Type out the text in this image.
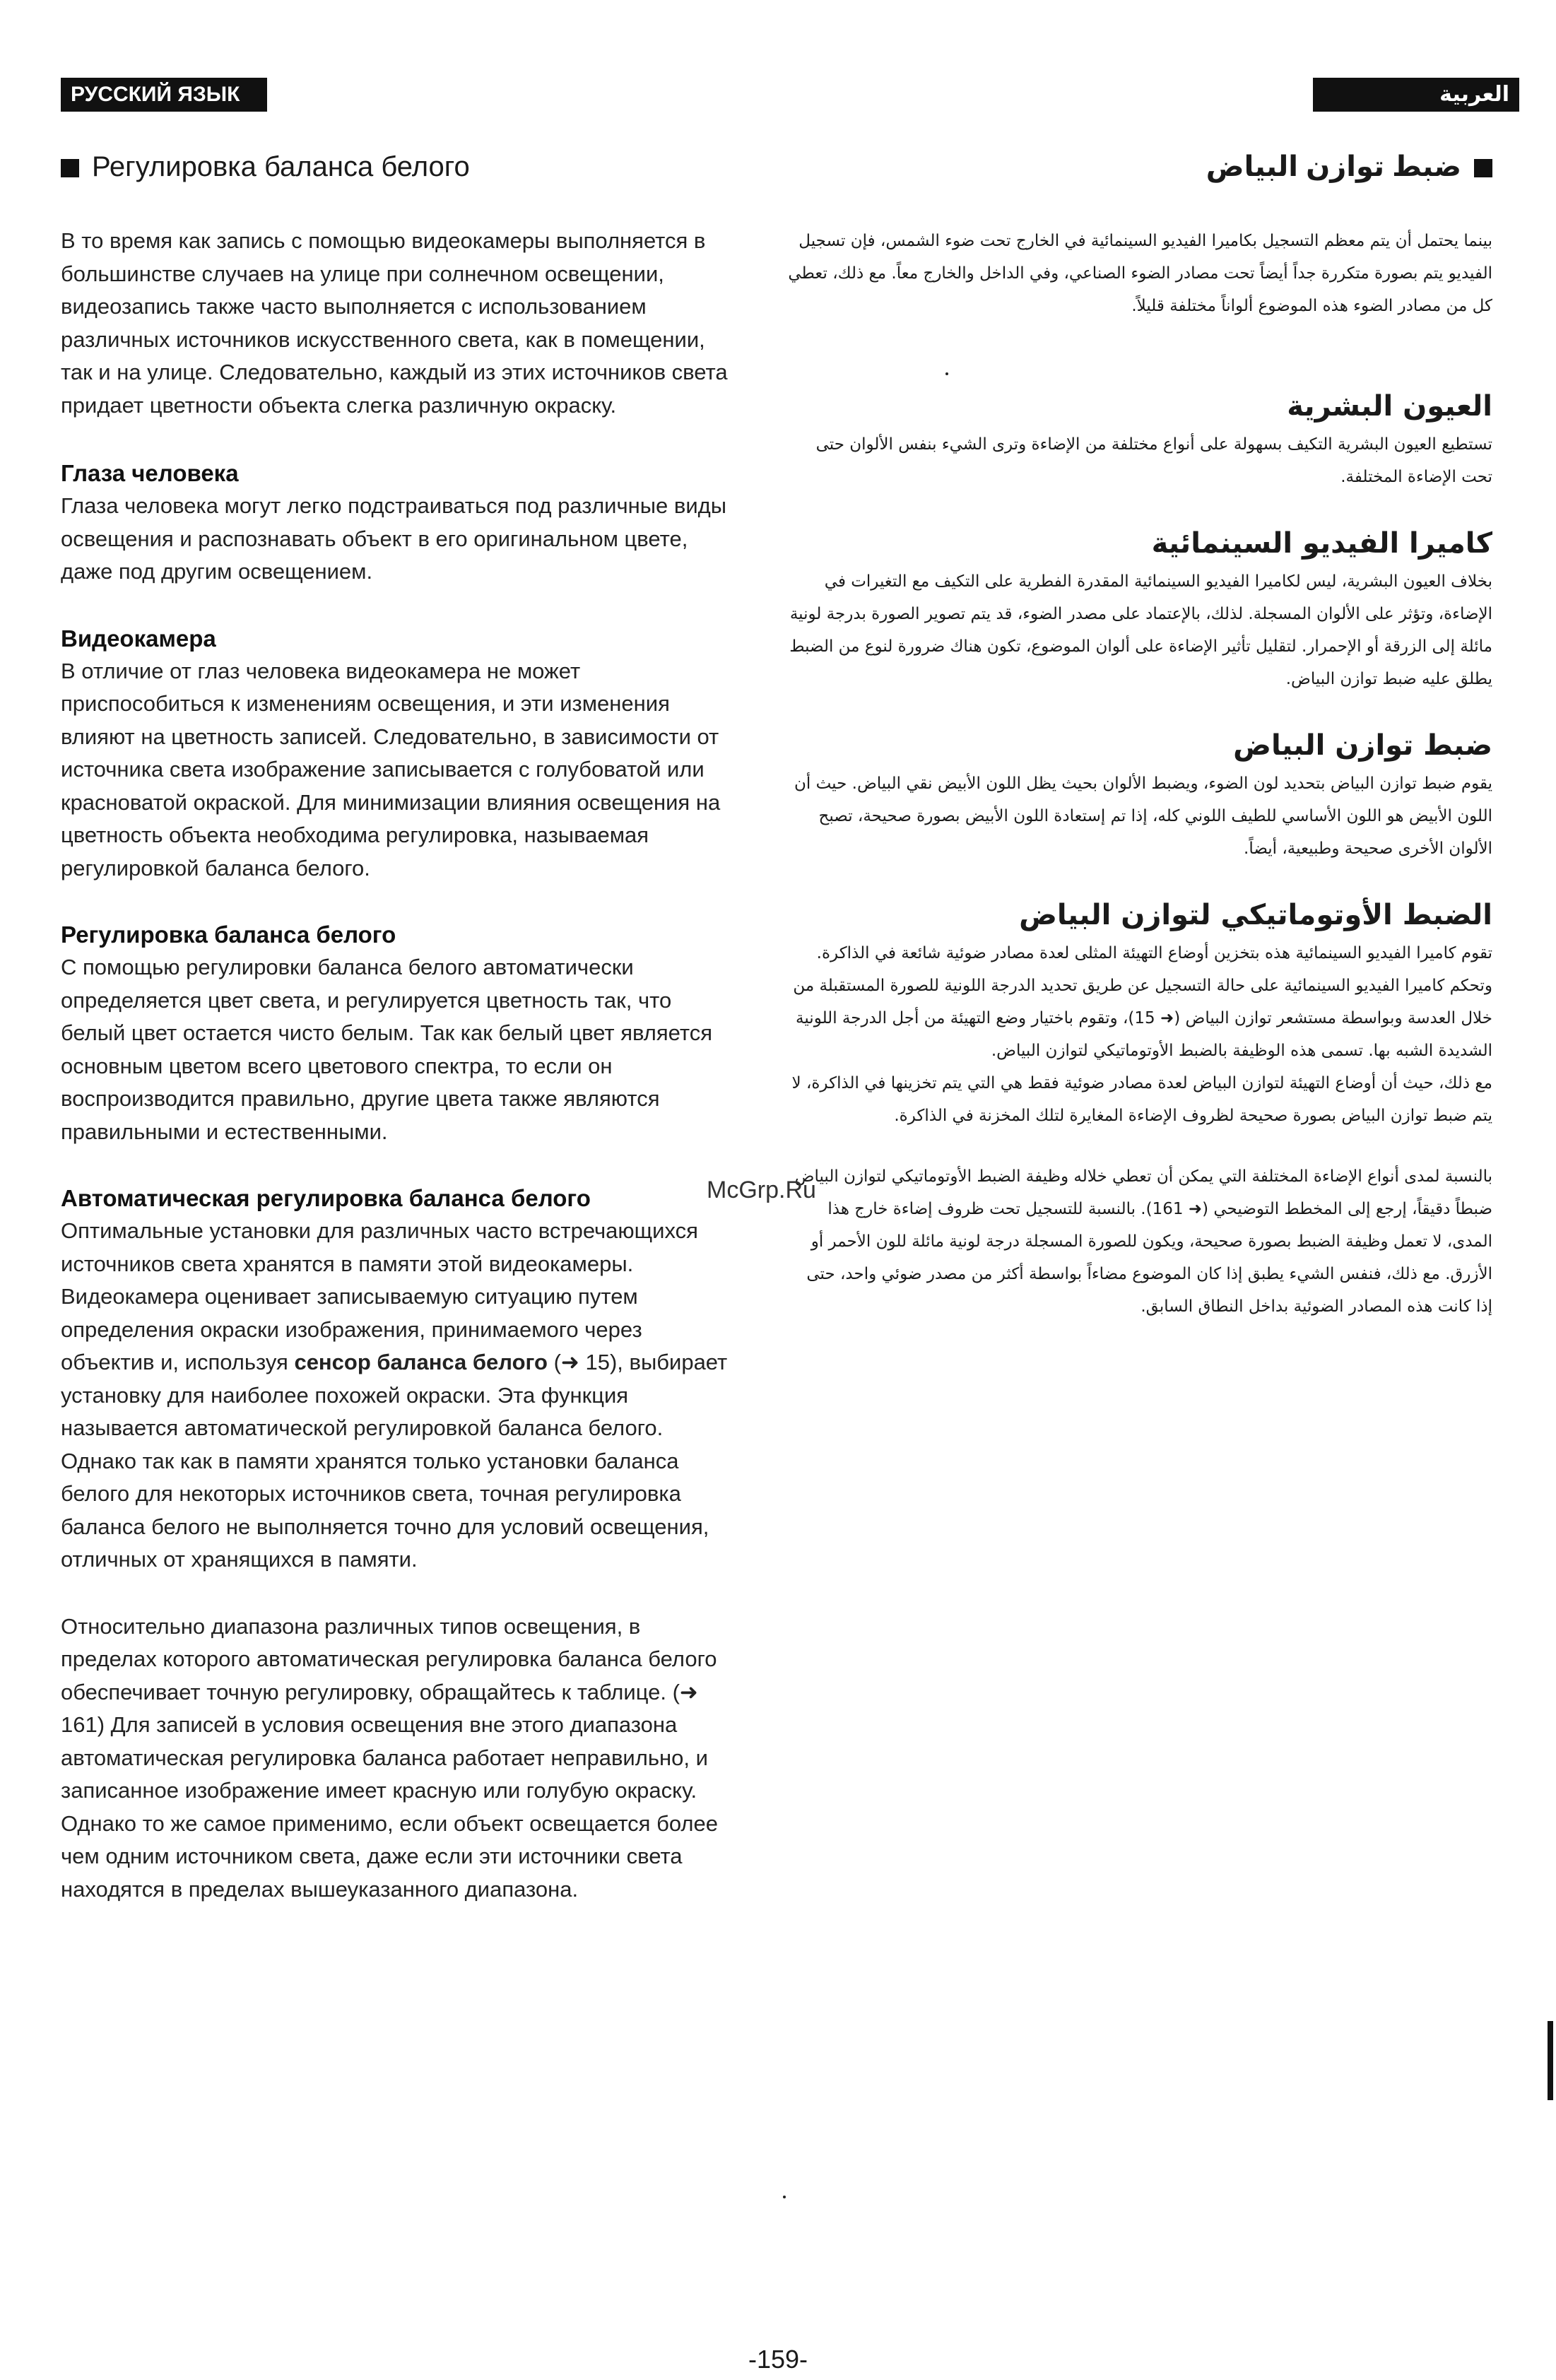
РУССКИЙ ЯЗЫК	العربية
Регулировка баланса белого	ضبط توازن البياض

В то время как запись с помощью видеокамеры выполняется в большинстве случаев на улице при солнечном освещении, видеозапись также часто выполняется с использованием различных источников искусственного света, как в помещении, так и на улице. Следовательно, каждый из этих источников света придает цветности объекта слегка различную окраску.

Глаза человека

Глаза человека могут легко подстраиваться под различные виды освещения и распознавать объект в его оригинальном цвете, даже под другим освещением.

Видеокамера

В отличие от глаз человека видеокамера не может приспособиться к изменениям освещения, и эти изменения влияют на цветность записей. Следовательно, в зависимости от источника света изображение записывается с голубоватой или красноватой окраской. Для минимизации влияния освещения на цветность объекта необходима регулировка, называемая регулировкой баланса белого.

Регулировка баланса белого

С помощью регулировки баланса белого автоматически определяется цвет света, и регулируется цветность так, что белый цвет остается чисто белым. Так как белый цвет является основным цветом всего цветового спектра, то если он воспроизводится правильно, другие цвета также являются правильными и естественными.

Автоматическая регулировка баланса белого

Оптимальные установки для различных часто встречающихся источников света хранятся в памяти этой видеокамеры. Видеокамера оценивает записываемую ситуацию путем определения окраски изображения, принимаемого через объектив и, используя сенсор баланса белого (➜ 15), выбирает установку для наиболее похожей окраски. Эта функция называется автоматической регулировкой баланса белого.

Однако так как в памяти хранятся только установки баланса белого для некоторых источников света, точная регулировка баланса белого не выполняется точно для условий освещения, отличных от хранящихся в памяти.

Относительно диапазона различных типов освещения, в пределах которого автоматическая регулировка баланса белого обеспечивает точную регулировку, обращайтесь к таблице. (➜ 161) Для записей в условия освещения вне этого диапазона автоматическая регулировка баланса работает неправильно, и записанное изображение имеет красную или голубую окраску. Однако то же самое применимо, если объект освещается более чем одним источником света, даже если эти источники света находятся в пределах вышеуказанного диапазона.

بينما يحتمل أن يتم معظم التسجيل بكاميرا الفيديو السينمائية في الخارج تحت ضوء الشمس، فإن تسجيل الفيديو يتم بصورة متكررة جداً أيضاً تحت مصادر الضوء الصناعي، وفي الداخل والخارج معاً. مع ذلك، تعطي كل من مصادر الضوء هذه الموضوع ألواناً مختلفة قليلاً.

العيون البشرية

تستطيع العيون البشرية التكيف بسهولة على أنواع مختلفة من الإضاءة وترى الشيء بنفس الألوان حتى تحت الإضاءة المختلفة.

كاميرا الفيديو السينمائية

بخلاف العيون البشرية، ليس لكاميرا الفيديو السينمائية المقدرة الفطرية على التكيف مع التغيرات في الإضاءة، وتؤثر على الألوان المسجلة. لذلك، بالإعتماد على مصدر الضوء، قد يتم تصوير الصورة بدرجة لونية مائلة إلى الزرقة أو الإحمرار. لتقليل تأثير الإضاءة على ألوان الموضوع، تكون هناك ضرورة لنوع من الضبط يطلق عليه ضبط توازن البياض.

ضبط توازن البياض

يقوم ضبط توازن البياض بتحديد لون الضوء، ويضبط الألوان بحيث يظل اللون الأبيض نقي البياض. حيث أن اللون الأبيض هو اللون الأساسي للطيف اللوني كله، إذا تم إستعادة اللون الأبيض بصورة صحيحة، تصبح الألوان الأخرى صحيحة وطبيعية، أيضاً.

الضبط الأوتوماتيكي لتوازن البياض

تقوم كاميرا الفيديو السينمائية هذه بتخزين أوضاع التهيئة المثلى لعدة مصادر ضوئية شائعة في الذاكرة. وتحكم كاميرا الفيديو السينمائية على حالة التسجيل عن طريق تحديد الدرجة اللونية للصورة المستقبلة من خلال العدسة وبواسطة مستشعر توازن البياض (➜ 15)، وتقوم باختيار وضع التهيئة من أجل الدرجة اللونية الشديدة الشبه بها. تسمى هذه الوظيفة بالضبط الأوتوماتيكي لتوازن البياض.

مع ذلك، حيث أن أوضاع التهيئة لتوازن البياض لعدة مصادر ضوئية فقط هي التي يتم تخزينها في الذاكرة، لا يتم ضبط توازن البياض بصورة صحيحة لظروف الإضاءة المغايرة لتلك المخزنة في الذاكرة.

بالنسبة لمدى أنواع الإضاءة المختلفة التي يمكن أن تعطي خلاله وظيفة الضبط الأوتوماتيكي لتوازن البياض ضبطاً دقيقاً، إرجع إلى المخطط التوضيحي (➜ 161). بالنسبة للتسجيل تحت ظروف إضاءة خارج هذا المدى، لا تعمل وظيفة الضبط بصورة صحيحة، ويكون للصورة المسجلة درجة لونية مائلة للون الأحمر أو الأزرق. مع ذلك، فنفس الشيء يطبق إذا كان الموضوع مضاءاً بواسطة أكثر من مصدر ضوئي واحد، حتى إذا كانت هذه المصادر الضوئية بداخل النطاق السابق.

McGrp.Ru
-159-
